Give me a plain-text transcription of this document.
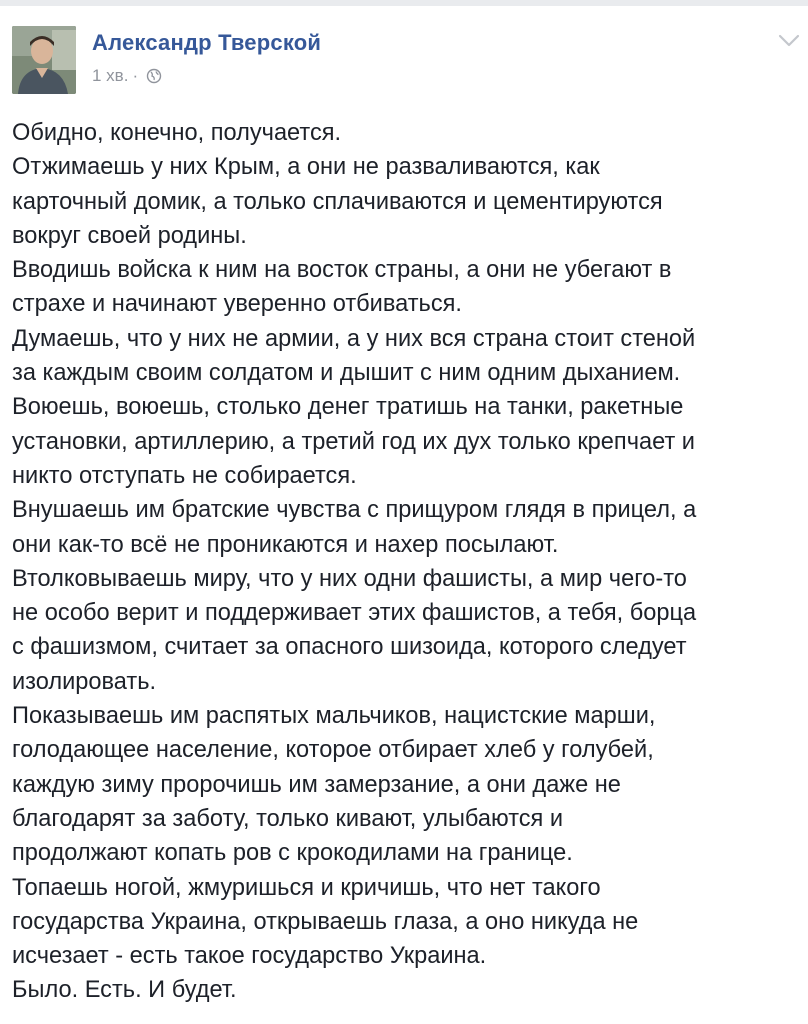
Александр Тверской
1 хв. ·
Обидно, конечно, получается.
Отжимаешь у них Крым, а они не разваливаются, как
карточный домик, а только сплачиваются и цементируются
вокруг своей родины.
Вводишь войска к ним на восток страны, а они не убегают в
страхе и начинают уверенно отбиваться.
Думаешь, что у них не армии, а у них вся страна стоит стеной
за каждым своим солдатом и дышит с ним одним дыханием.
Воюешь, воюешь, столько денег тратишь на танки, ракетные
установки, артиллерию, а третий год их дух только крепчает и
никто отступать не собирается.
Внушаешь им братские чувства с прищуром глядя в прицел, а
они как-то всё не проникаются и нахер посылают.
Втолковываешь миру, что у них одни фашисты, а мир чего-то
не особо верит и поддерживает этих фашистов, а тебя, борца
с фашизмом, считает за опасного шизоида, которого следует
изолировать.
Показываешь им распятых мальчиков, нацистские марши,
голодающее население, которое отбирает хлеб у голубей,
каждую зиму пророчишь им замерзание, а они даже не
благодарят за заботу, только кивают, улыбаются и
продолжают копать ров с крокодилами на границе.
Топаешь ногой, жмуришься и кричишь, что нет такого
государства Украина, открываешь глаза, а оно никуда не
исчезает - есть такое государство Украина.
Было. Есть. И будет.
